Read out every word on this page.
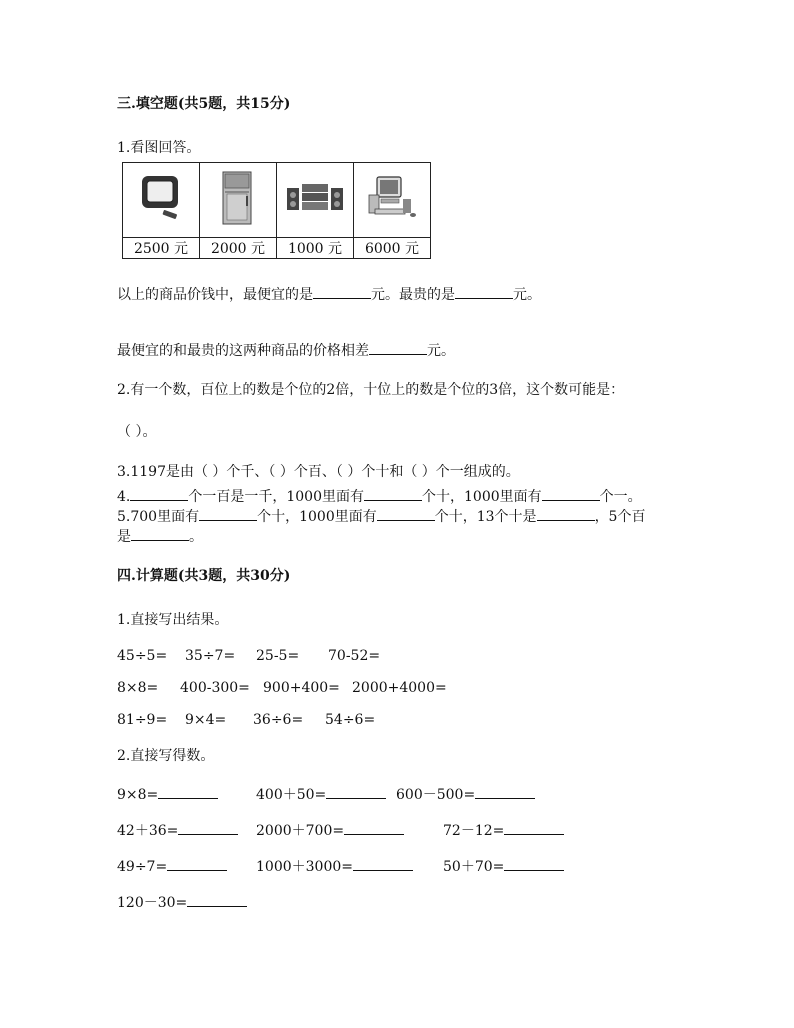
三.填空题(共5题，共15分)
1.看图回答。

2500 元	2000 元	1000 元	6000 元
以上的商品价钱中，最便宜的是	元。最贵的是	元。
最便宜的和最贵的这两种商品的价格相差	元。
2.有一个数，百位上的数是个位的2倍，十位上的数是个位的3倍，这个数可能是：
（ ）。
3.1197是由（ ）个千、（ ）个百、（ ）个十和（ ）个一组成的。
4.	个一百是一千，1000里面有	个十，1000里面有	个一。
5.700里面有	个十，1000里面有	个十，13个十是	，5个百
是	。
四.计算题(共3题，共30分)
1.直接写出结果。
45÷5= 35÷7= 25-5= 70-52=
8×8= 400-300= 900+400= 2000+4000=
81÷9= 9×4= 36÷6= 54÷6=
2.直接写得数。
9×8=	400＋50=	600－500=
42＋36=	2000＋700=	72－12=
49÷7=	1000＋3000=	50＋70=
120－30=
